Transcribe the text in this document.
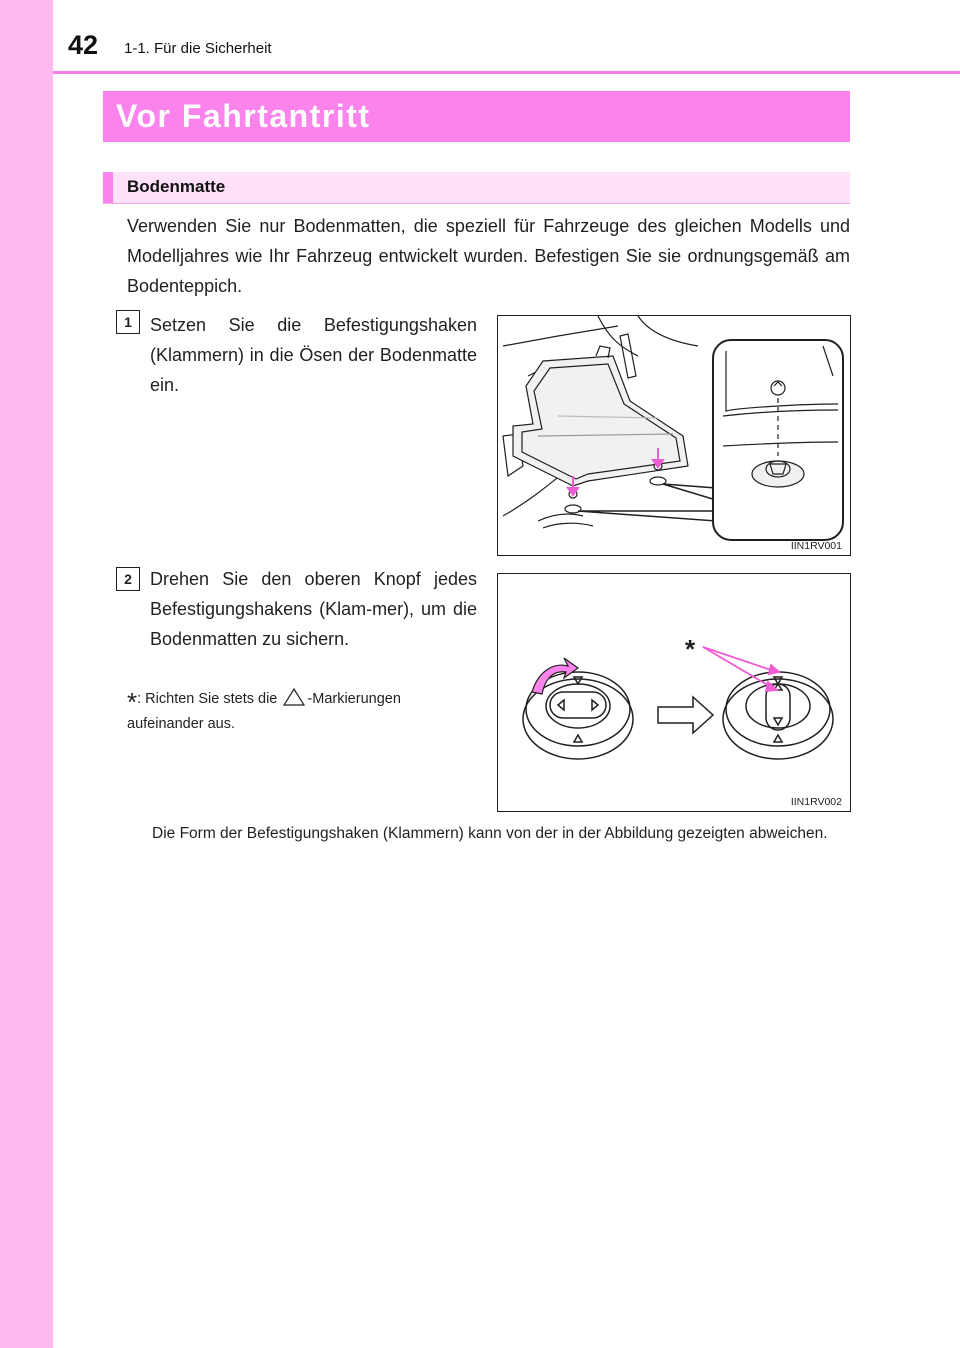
42 1-1. Für die Sicherheit
Vor Fahrtantritt
Bodenmatte
Verwenden Sie nur Bodenmatten, die speziell für Fahrzeuge des gleichen Modells und Modelljahres wie Ihr Fahrzeug entwickelt wurden. Befestigen Sie sie ordnungsgemäß am Bodenteppich.
1	Setzen Sie die Befestigungshaken (Klammern) in die Ösen der Bodenmatte ein.
IIN1RV001
2	Drehen Sie den oberen Knopf jedes Befestigungshakens (Klam-mer), um die Bodenmatten zu sichern.
*: Richten Sie stets die -Markierungen aufeinander aus.
*
IIN1RV002
Die Form der Befestigungshaken (Klammern) kann von der in der Abbildung gezeigten abweichen.
